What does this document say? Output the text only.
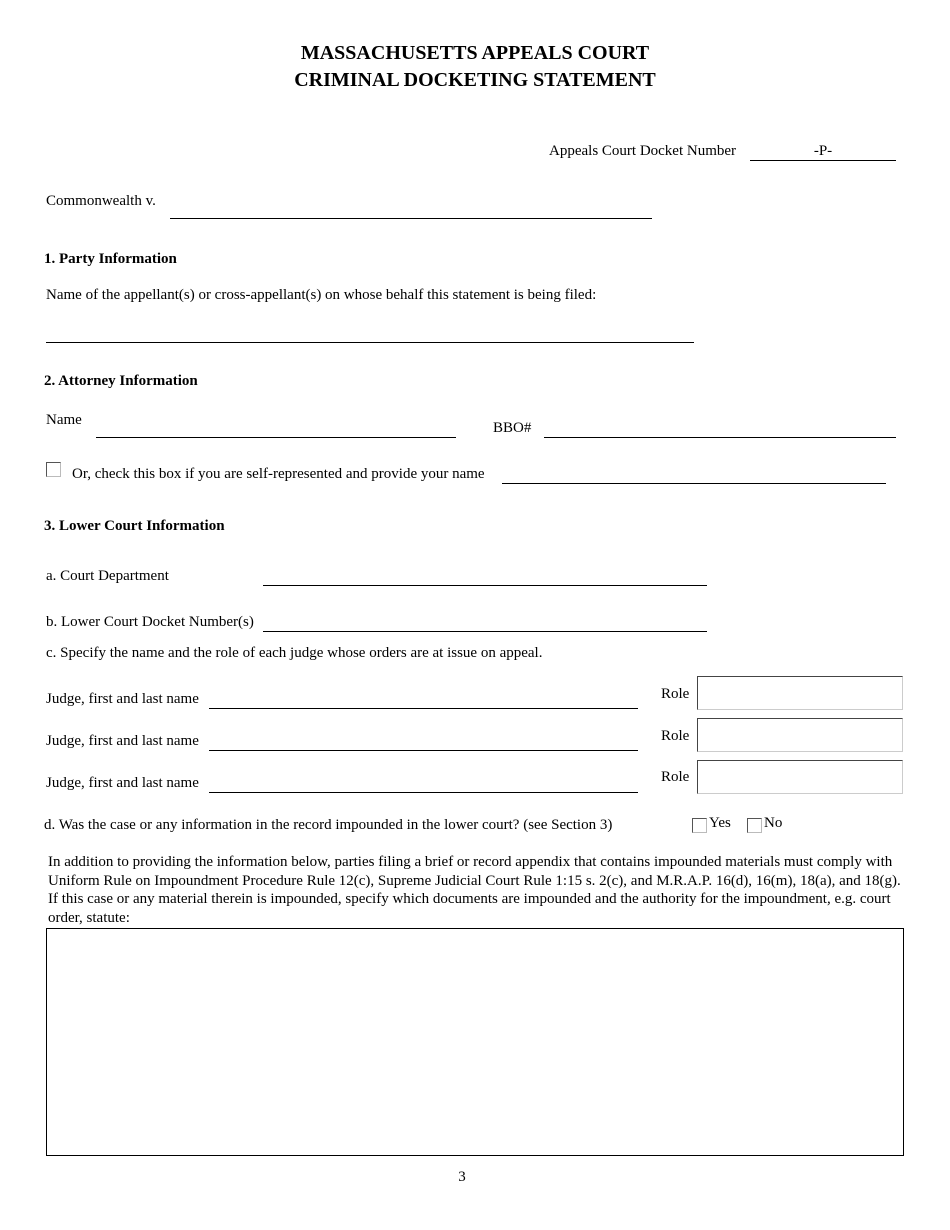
MASSACHUSETTS APPEALS COURT
CRIMINAL DOCKETING STATEMENT
Appeals Court Docket Number	-P-
Commonwealth v.
1. Party Information
Name of the appellant(s) or cross-appellant(s) on whose behalf this statement is being filed:
2. Attorney Information
Name	BBO#
Or, check this box if you are self-represented and provide your name
3. Lower Court Information
a. Court Department
b. Lower Court Docket Number(s)
c. Specify the name and the role of each judge whose orders are at issue on appeal.
Judge, first and last name	Role
Judge, first and last name	Role
Judge, first and last name	Role
d. Was the case or any information in the record impounded in the lower court? (see Section 3)	Yes No
In addition to providing the information below, parties filing a brief or record appendix that contains impounded materials must comply with Uniform Rule on Impoundment Procedure Rule 12(c), Supreme Judicial Court Rule 1:15 s. 2(c), and M.R.A.P. 16(d), 16(m), 18(a), and 18(g). If this case or any material therein is impounded, specify which documents are impounded and the authority for the impoundment, e.g. court order, statute:
3
